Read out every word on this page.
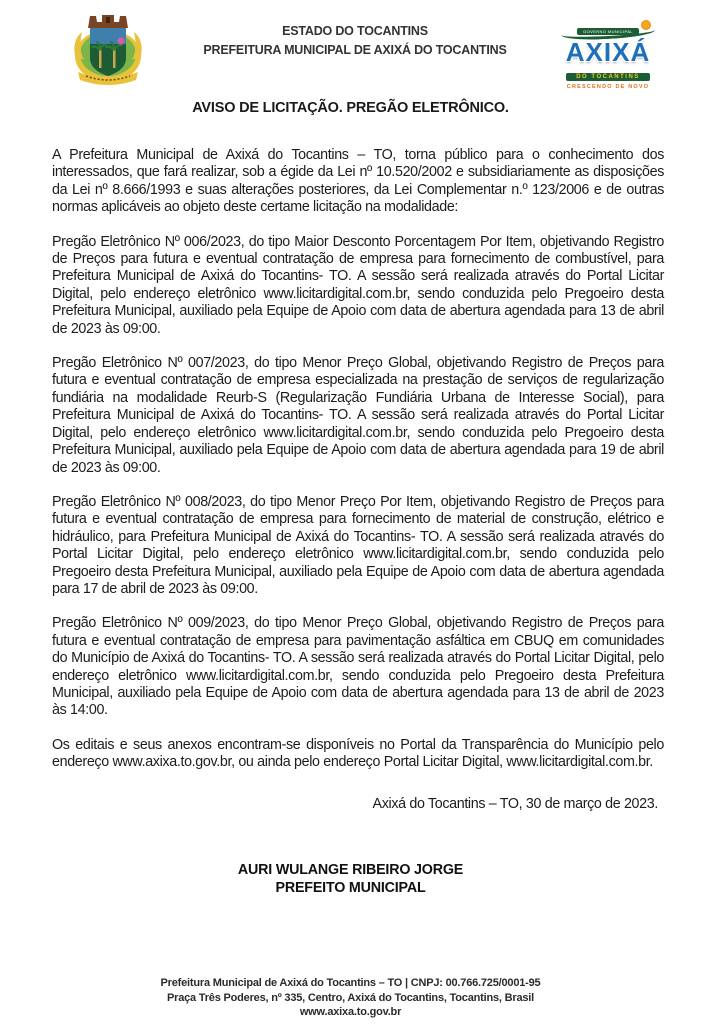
ESTADO DO TOCANTINS
PREFEITURA MUNICIPAL DE AXIXÁ DO TOCANTINS
GOVERNO MUNICIPAL
AXIXÁ
DO TOCANTINS
CRESCENDO DE NOVO
AVISO DE LICITAÇÃO. PREGÃO ELETRÔNICO.

A Prefeitura Municipal de Axixá do Tocantins – TO, torna público para o conhecimento dos interessados, que fará realizar, sob a égide da Lei nº 10.520/2002 e subsidiariamente as disposições da Lei nº 8.666/1993 e suas alterações posteriores, da Lei Complementar n.º 123/2006 e de outras normas aplicáveis ao objeto deste certame licitação na modalidade:

Pregão Eletrônico Nº 006/2023, do tipo Maior Desconto Porcentagem Por Item, objetivando Registro de Preços para futura e eventual contratação de empresa para fornecimento de combustível, para Prefeitura Municipal de Axixá do Tocantins- TO. A sessão será realizada através do Portal Licitar Digital, pelo endereço eletrônico www.licitardigital.com.br, sendo conduzida pelo Pregoeiro desta Prefeitura Municipal, auxiliado pela Equipe de Apoio com data de abertura agendada para 13 de abril de 2023 às 09:00.

Pregão Eletrônico Nº 007/2023, do tipo Menor Preço Global, objetivando Registro de Preços para futura e eventual contratação de empresa especializada na prestação de serviços de regularização fundiária na modalidade Reurb-S (Regularização Fundiária Urbana de Interesse Social), para Prefeitura Municipal de Axixá do Tocantins- TO. A sessão será realizada através do Portal Licitar Digital, pelo endereço eletrônico www.licitardigital.com.br, sendo conduzida pelo Pregoeiro desta Prefeitura Municipal, auxiliado pela Equipe de Apoio com data de abertura agendada para 19 de abril de 2023 às 09:00.

Pregão Eletrônico Nº 008/2023, do tipo Menor Preço Por Item, objetivando Registro de Preços para futura e eventual contratação de empresa para fornecimento de material de construção, elétrico e hidráulico, para Prefeitura Municipal de Axixá do Tocantins- TO. A sessão será realizada através do Portal Licitar Digital, pelo endereço eletrônico www.licitardigital.com.br, sendo conduzida pelo Pregoeiro desta Prefeitura Municipal, auxiliado pela Equipe de Apoio com data de abertura agendada para 17 de abril de 2023 às 09:00.

Pregão Eletrônico Nº 009/2023, do tipo Menor Preço Global, objetivando Registro de Preços para futura e eventual contratação de empresa para pavimentação asfáltica em CBUQ em comunidades do Município de Axixá do Tocantins- TO. A sessão será realizada através do Portal Licitar Digital, pelo endereço eletrônico www.licitardigital.com.br, sendo conduzida pelo Pregoeiro desta Prefeitura Municipal, auxiliado pela Equipe de Apoio com data de abertura agendada para 13 de abril de 2023 às 14:00.

Os editais e seus anexos encontram-se disponíveis no Portal da Transparência do Município pelo endereço www.axixa.to.gov.br, ou ainda pelo endereço Portal Licitar Digital, www.licitardigital.com.br.

Axixá do Tocantins – TO, 30 de março de 2023.
AURI WULANGE RIBEIRO JORGE
PREFEITO MUNICIPAL
Prefeitura Municipal de Axixá do Tocantins – TO | CNPJ: 00.766.725/0001-95
Praça Três Poderes, nº 335, Centro, Axixá do Tocantins, Tocantins, Brasil
www.axixa.to.gov.br
